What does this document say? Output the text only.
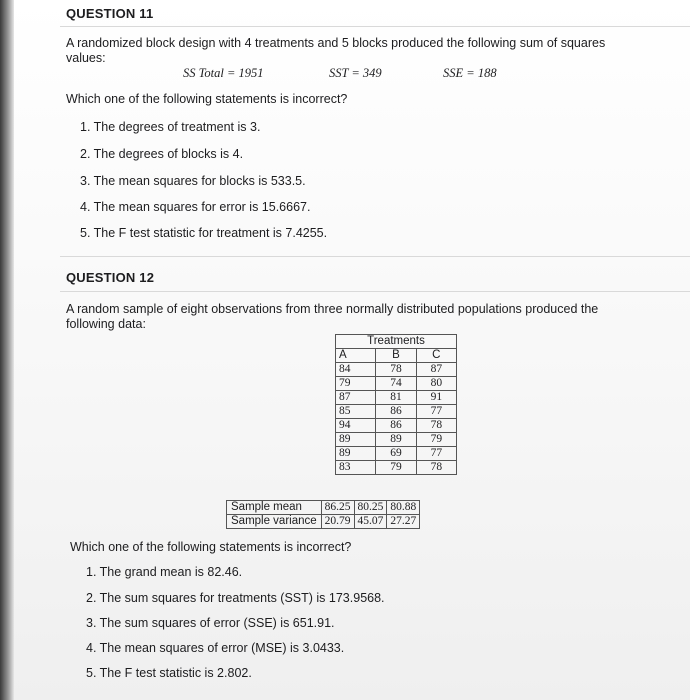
QUESTION 11
A randomized block design with 4 treatments and 5 blocks produced the following sum of squares
values:
SS Total = 1951	SST = 349	SSE = 188
Which one of the following statements is incorrect?
1. The degrees of treatment is 3.
2. The degrees of blocks is 4.
3. The mean squares for blocks is 533.5.
4. The mean squares for error is 15.6667.
5. The F test statistic for treatment is 7.4255.
QUESTION 12
A random sample of eight observations from three normally distributed populations produced the
following data:
Treatments		
A	B	C
84	78	87
79	74	80
87	81	91
85	86	77
94	86	78
89	89	79
89	69	77
83	79	78
Sample mean	86.25	80.25	80.88
Sample variance	20.79	45.07	27.27
Which one of the following statements is incorrect?
1. The grand mean is 82.46.
2. The sum squares for treatments (SST) is 173.9568.
3. The sum squares of error (SSE) is 651.91.
4. The mean squares of error (MSE) is 3.0433.
5. The F test statistic is 2.802.
